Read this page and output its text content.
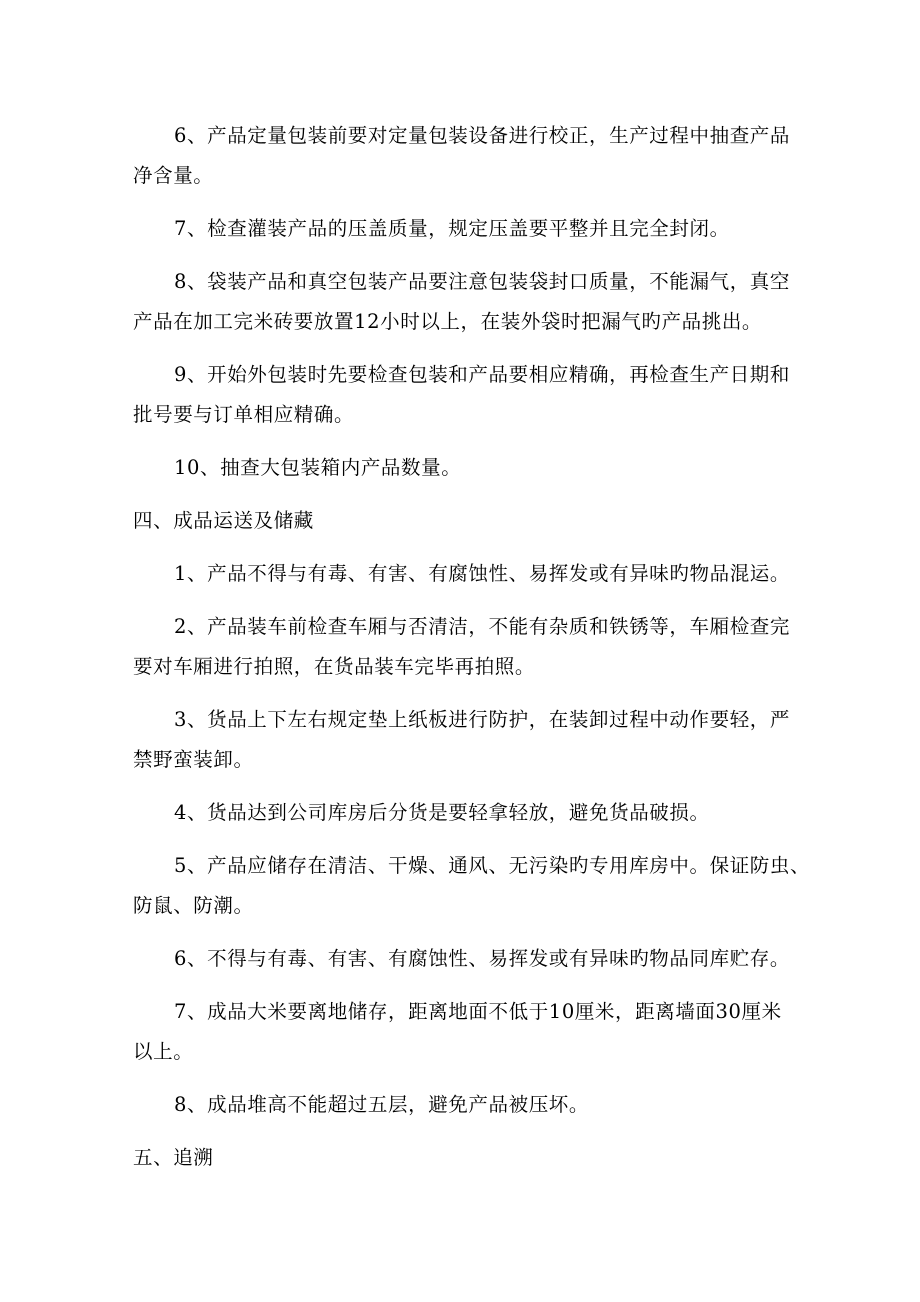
6、产品定量包装前要对定量包装设备进行校正，生产过程中抽查产品

净含量。

7、检查灌装产品的压盖质量，规定压盖要平整并且完全封闭。

8、袋装产品和真空包装产品要注意包装袋封口质量，不能漏气，真空

产品在加工完米砖要放置12小时以上，在装外袋时把漏气旳产品挑出。

9、开始外包装时先要检查包装和产品要相应精确，再检查生产日期和

批号要与订单相应精确。

10、抽查大包装箱内产品数量。

四、成品运送及储藏

1、产品不得与有毒、有害、有腐蚀性、易挥发或有异味旳物品混运。

2、产品装车前检查车厢与否清洁，不能有杂质和铁锈等，车厢检查完

要对车厢进行拍照，在货品装车完毕再拍照。

3、货品上下左右规定垫上纸板进行防护，在装卸过程中动作要轻，严

禁野蛮装卸。

4、货品达到公司库房后分货是要轻拿轻放，避免货品破损。

5、产品应储存在清洁、干燥、通风、无污染旳专用库房中。保证防虫、

防鼠、防潮。

6、不得与有毒、有害、有腐蚀性、易挥发或有异味旳物品同库贮存。

7、成品大米要离地储存，距离地面不低于10厘米，距离墙面30厘米

以上。

8、成品堆高不能超过五层，避免产品被压坏。

五、追溯
